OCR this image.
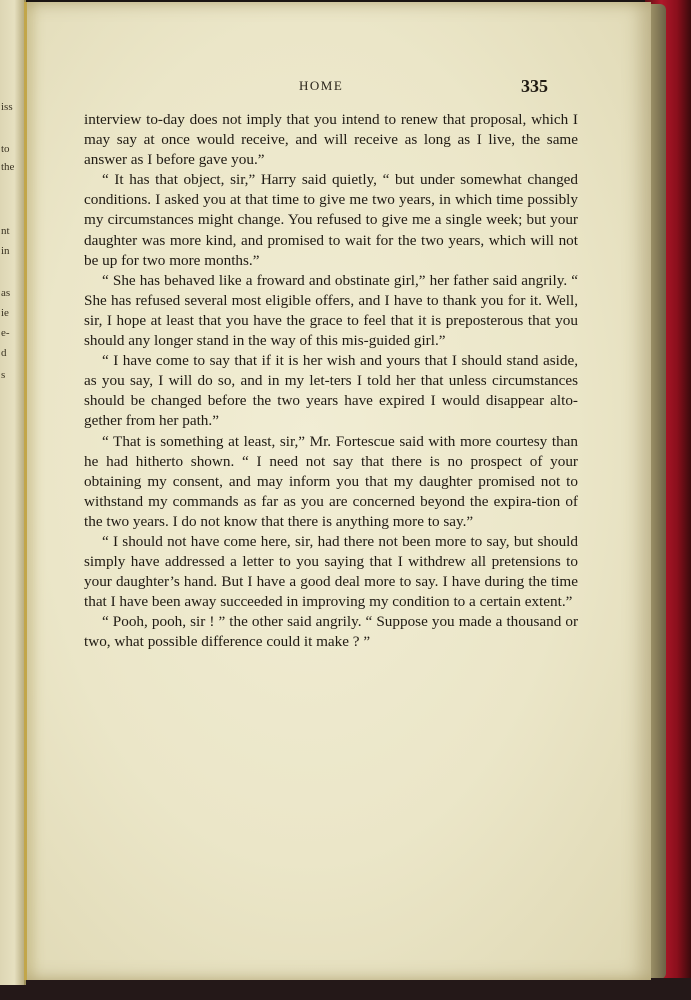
iss
to
the
nt
in
as
ie
e-
d
s
HOME	335

interview to-day does not imply that you intend to renew that proposal, which I may say at once would receive, and will receive as long as I live, the same answer as I before gave you.”

“ It has that object, sir,” Harry said quietly, “ but under somewhat changed conditions. I asked you at that time to give me two years, in which time possibly my circumstances might change. You refused to give me a single week; but your daughter was more kind, and promised to wait for the two years, which will not be up for two more months.”

“ She has behaved like a froward and obstinate girl,” her father said angrily. “ She has refused several most eligible offers, and I have to thank you for it. Well, sir, I hope at least that you have the grace to feel that it is preposterous that you should any longer stand in the way of this mis-guided girl.”

“ I have come to say that if it is her wish and yours that I should stand aside, as you say, I will do so, and in my let-ters I told her that unless circumstances should be changed before the two years have expired I would disappear alto-gether from her path.”

“ That is something at least, sir,” Mr. Fortescue said with more courtesy than he had hitherto shown. “ I need not say that there is no prospect of your obtaining my consent, and may inform you that my daughter promised not to withstand my commands as far as you are concerned beyond the expira-tion of the two years. I do not know that there is anything more to say.”

“ I should not have come here, sir, had there not been more to say, but should simply have addressed a letter to you saying that I withdrew all pretensions to your daughter’s hand. But I have a good deal more to say. I have during the time that I have been away succeeded in improving my condition to a certain extent.”

“ Pooh, pooh, sir ! ” the other said angrily. “ Suppose you made a thousand or two, what possible difference could it make ? ”
